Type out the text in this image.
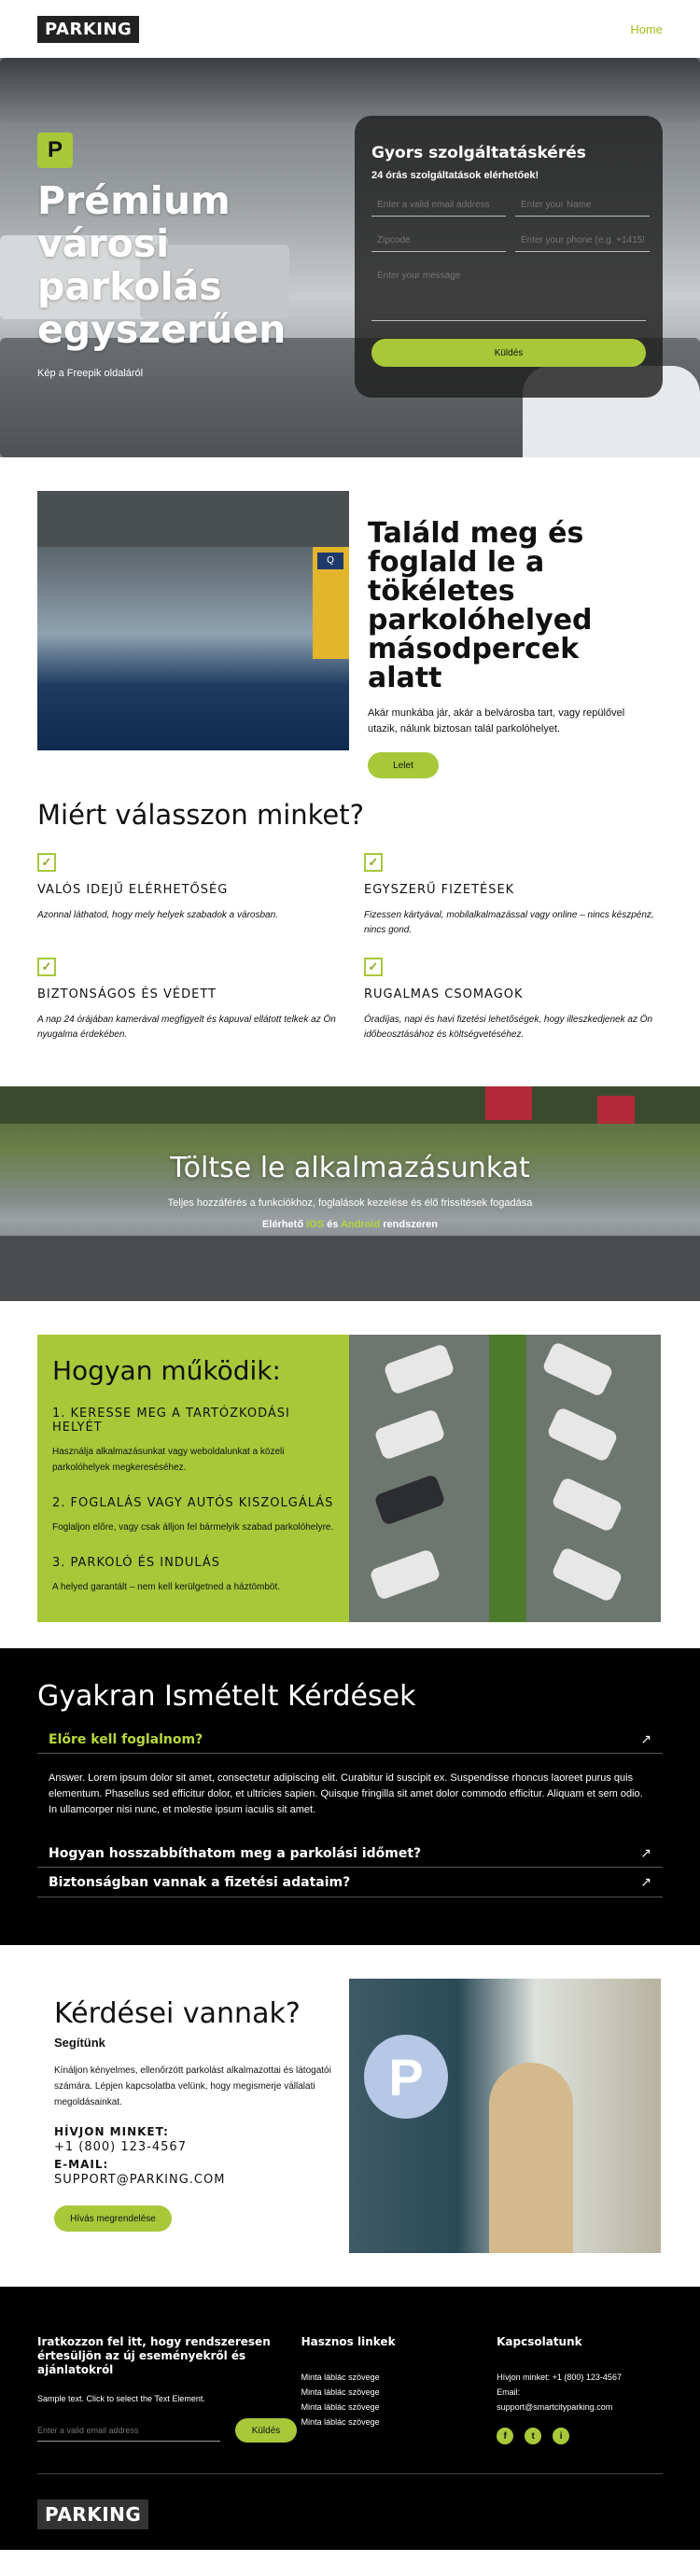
PARKING	Home
P
Prémium városi parkolás egyszerűen
Kép a Freepik oldaláról
Gyors szolgáltatáskérés
24 órás szolgáltatások elérhetőek!
Enter a valid email address
Enter your Name
Zipcode
Enter your phone (e.g. +14155
Enter your message
Küldés
Q
Találd meg és foglald le a tökéletes parkolóhelyed másodpercek alatt

Akár munkába jár, akár a belvárosba tart, vagy repülővel utazik, nálunk biztosan talál parkolóhelyet.

Lelet
Miért válasszon minket?
✓
VALÓS IDEJŰ ELÉRHETŐSÉG

Azonnal láthatod, hogy mely helyek szabadok a városban.

✓
EGYSZERŰ FIZETÉSEK

Fizessen kártyával, mobilalkalmazással vagy online – nincs készpénz, nincs gond.

✓
BIZTONSÁGOS ÉS VÉDETT

A nap 24 órájában kamerával megfigyelt és kapuval ellátott telkek az Ön nyugalma érdekében.

✓
RUGALMAS CSOMAGOK

Óradíjas, napi és havi fizetési lehetőségek, hogy illeszkedjenek az Ön időbeosztásához és költségvetéséhez.

Töltse le alkalmazásunkat
Teljes hozzáférés a funkciókhoz, foglalások kezelése és élő frissítések fogadása
Elérhető iOS és Android rendszeren
Hogyan működik:
1. KERESSE MEG A TARTÓZKODÁSI HELYÉT

Használja alkalmazásunkat vagy weboldalunkat a közeli parkolóhelyek megkereséséhez.

2. FOGLALÁS VAGY AUTÓS KISZOLGÁLÁS

Foglaljon előre, vagy csak álljon fel bármelyik szabad parkolóhelyre.

3. PARKOLÓ ÉS INDULÁS

A helyed garantált – nem kell kerülgetned a háztömböt.

Gyakran Ismételt Kérdések
Előre kell foglalnom?	↗

Answer. Lorem ipsum dolor sit amet, consectetur adipiscing elit. Curabitur id suscipit ex. Suspendisse rhoncus laoreet purus quis elementum. Phasellus sed efficitur dolor, et ultricies sapien. Quisque fringilla sit amet dolor commodo efficitur. Aliquam et sem odio. In ullamcorper nisi nunc, et molestie ipsum iaculis sit amet.

Hogyan hosszabbíthatom meg a parkolási időmet?	↗
Biztonságban vannak a fizetési adataim?	↗
Kérdései vannak?
Segítünk

Kínáljon kényelmes, ellenőrzött parkolást alkalmazottai és látogatói számára. Lépjen kapcsolatba velünk, hogy megismerje vállalati megoldásainkat.

HÍVJON MINKET:
+1 (800) 123-4567
E-MAIL:
SUPPORT@PARKING.COM
Hívás megrendelése
P
Iratkozzon fel itt, hogy rendszeresen értesüljön az új eseményekről és ajánlatokról
Sample text. Click to select the Text Element.
Enter a valid email address
Küldés
Hasznos linkek
Minta láblác szövege
Minta láblác szövege
Minta láblác szövege
Minta láblác szövege
Kapcsolatunk
Hívjon minket: +1 (800) 123-4567
Email:
support@smartcityparking.com
f	t	i
PARKING
